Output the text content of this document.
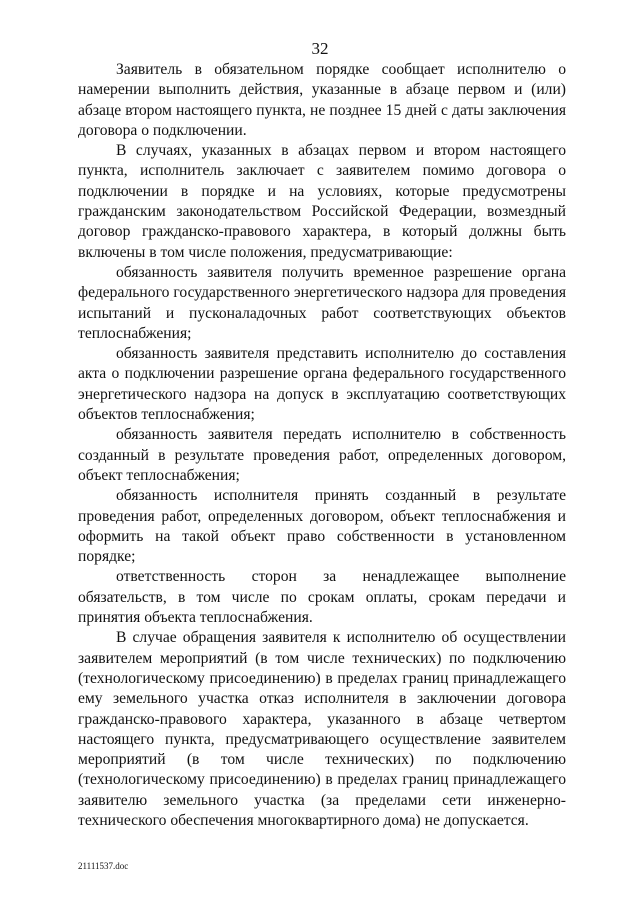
32

Заявитель в обязательном порядке сообщает исполнителю о намерении выполнить действия, указанные в абзаце первом и (или) абзаце втором настоящего пункта, не позднее 15 дней с даты заключения договора о подключении.

В случаях, указанных в абзацах первом и втором настоящего пункта, исполнитель заключает с заявителем помимо договора о подключении в порядке и на условиях, которые предусмотрены гражданским законодательством Российской Федерации, возмездный договор гражданско-правового характера, в который должны быть включены в том числе положения, предусматривающие:

обязанность заявителя получить временное разрешение органа федерального государственного энергетического надзора для проведения испытаний и пусконаладочных работ соответствующих объектов теплоснабжения;

обязанность заявителя представить исполнителю до составления акта о подключении разрешение органа федерального государственного энергетического надзора на допуск в эксплуатацию соответствующих объектов теплоснабжения;

обязанность заявителя передать исполнителю в собственность созданный в результате проведения работ, определенных договором, объект теплоснабжения;

обязанность исполнителя принять созданный в результате проведения работ, определенных договором, объект теплоснабжения и оформить на такой объект право собственности в установленном порядке;

ответственность сторон за ненадлежащее выполнение обязательств, в том числе по срокам оплаты, срокам передачи и принятия объекта теплоснабжения.

В случае обращения заявителя к исполнителю об осуществлении заявителем мероприятий (в том числе технических) по подключению (технологическому присоединению) в пределах границ принадлежащего ему земельного участка отказ исполнителя в заключении договора гражданско-правового характера, указанного в абзаце четвертом настоящего пункта, предусматривающего осуществление заявителем мероприятий (в том числе технических) по подключению (технологическому присоединению) в пределах границ принадлежащего заявителю земельного участка (за пределами сети инженерно-технического обеспечения многоквартирного дома) не допускается.

21111537.doc
